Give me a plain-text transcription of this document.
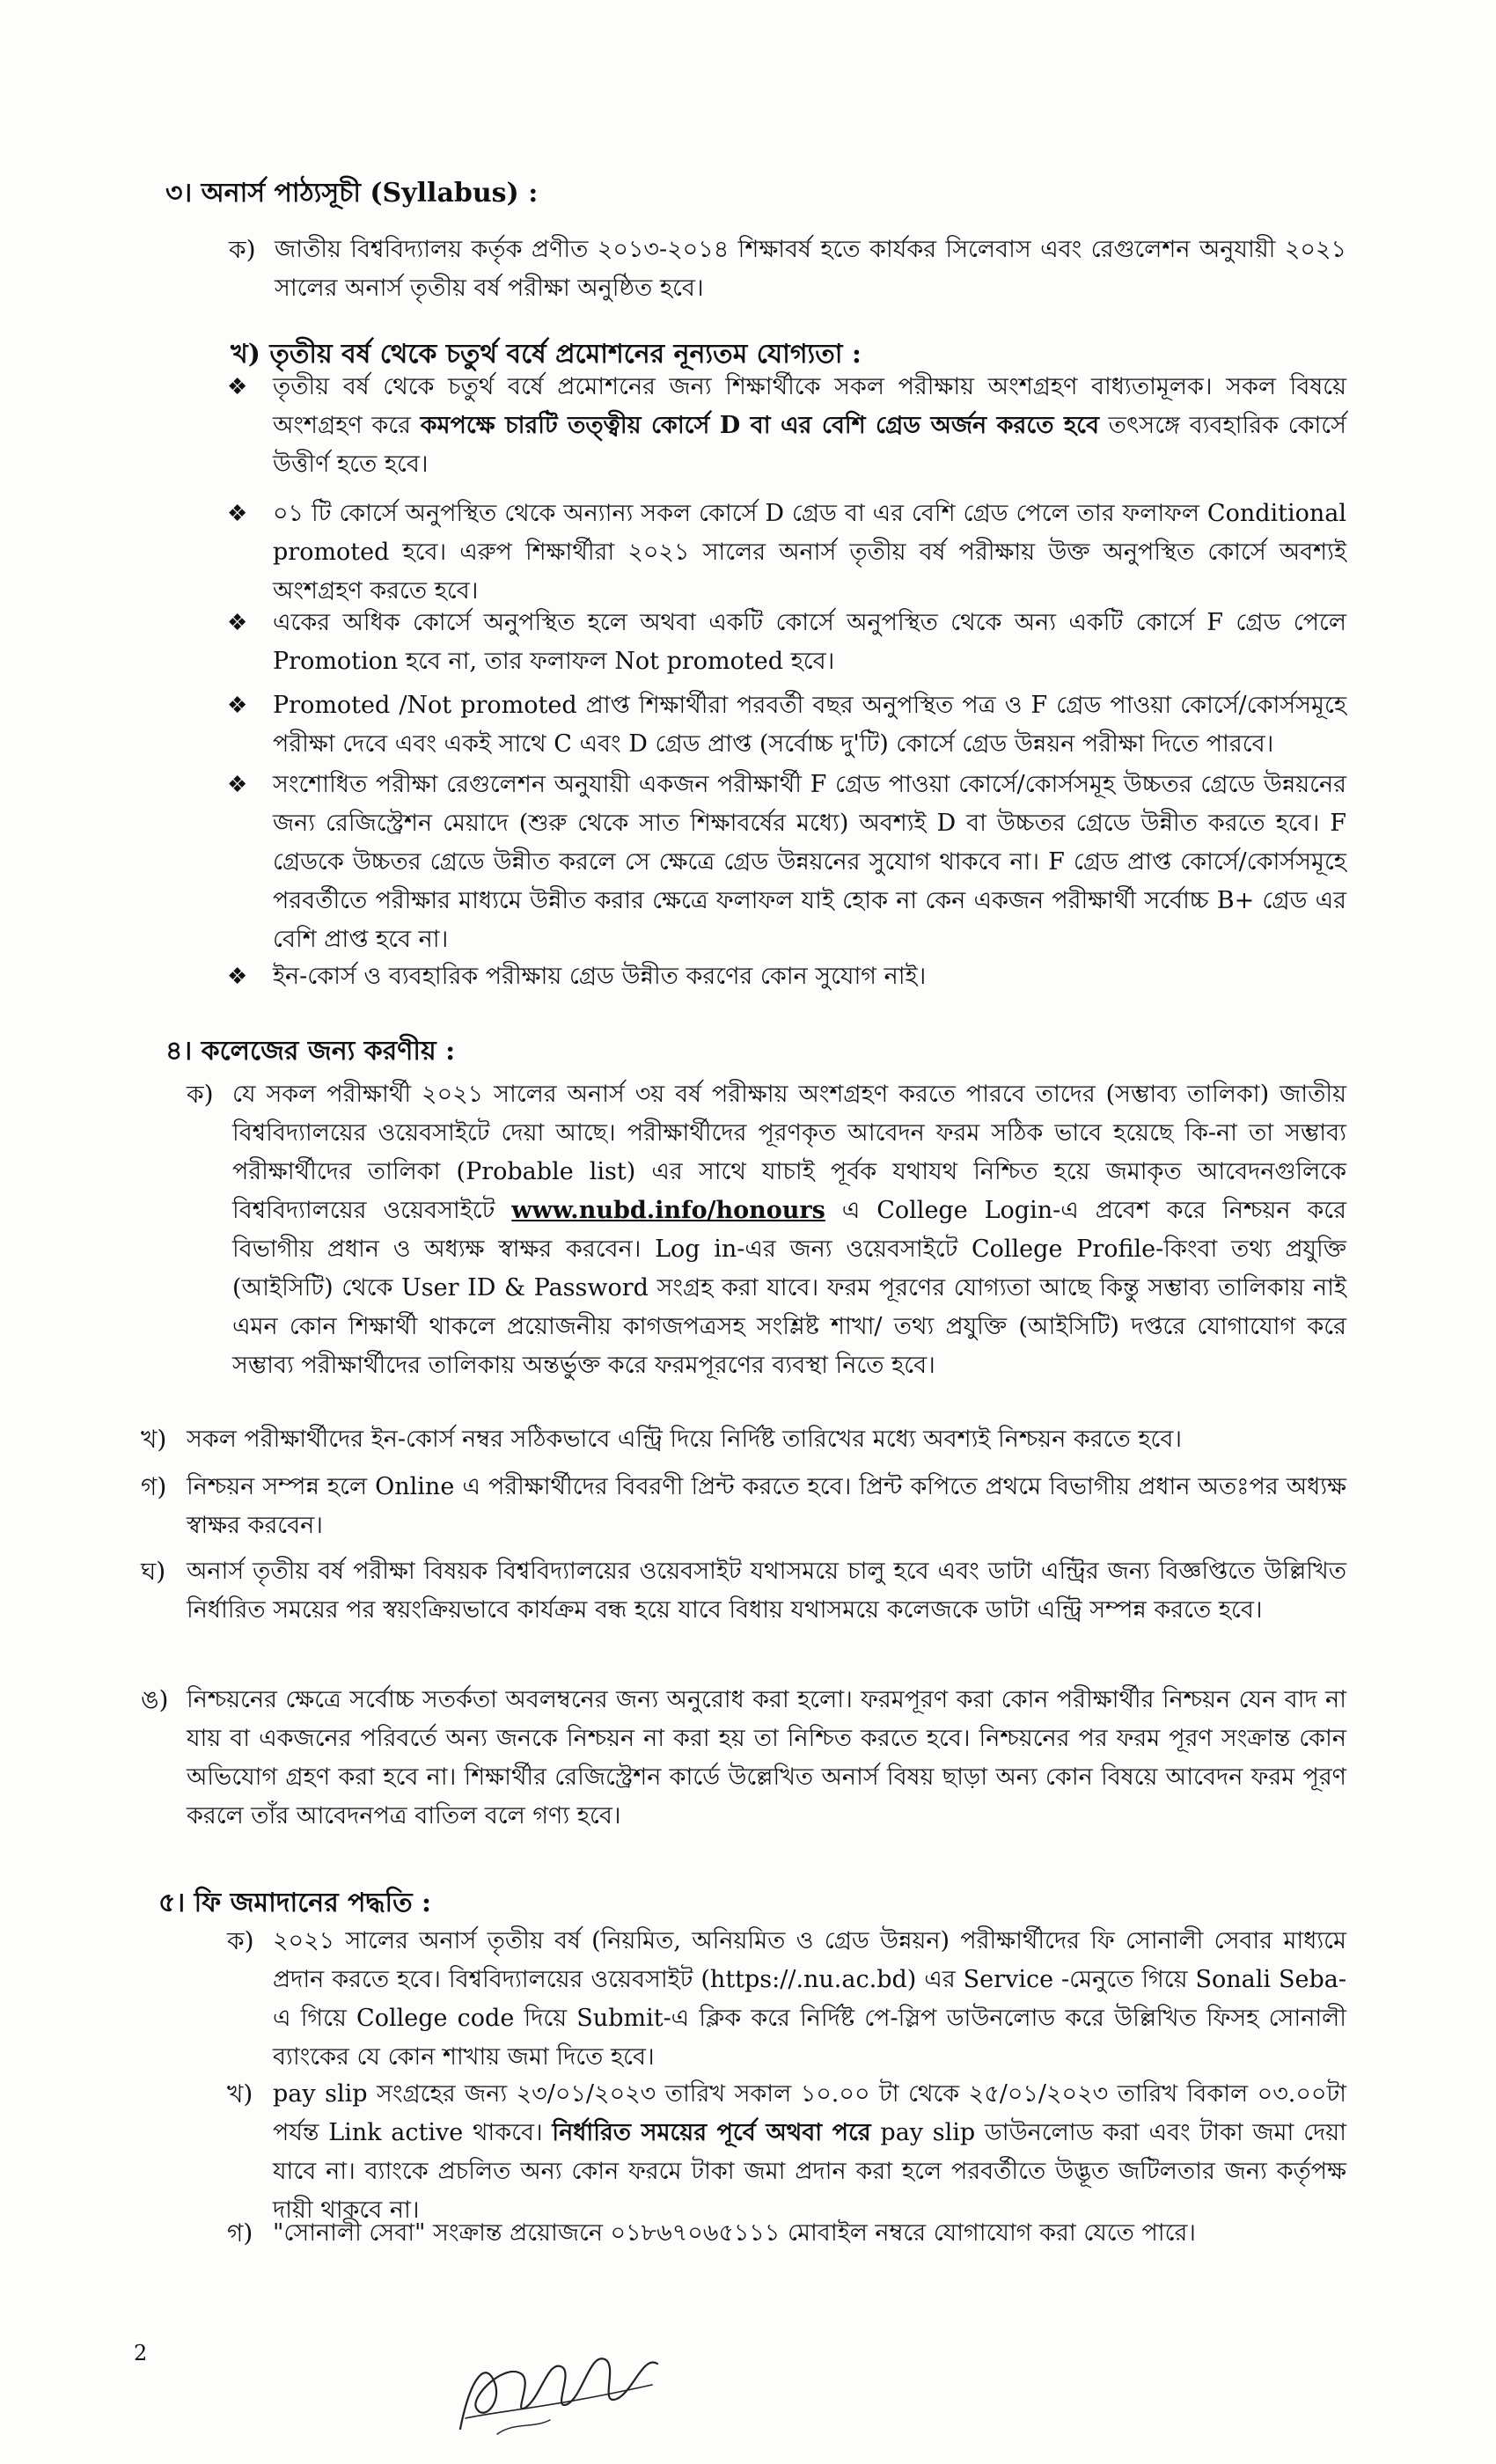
৩। অনার্স পাঠ্যসূচী (Syllabus) :
ক) জাতীয় বিশ্ববিদ্যালয় কর্তৃক প্রণীত ২০১৩-২০১৪ শিক্ষাবর্ষ হতে কার্যকর সিলেবাস এবং রেগুলেশন অনুযায়ী ২০২১ সালের অনার্স তৃতীয় বর্ষ পরীক্ষা অনুষ্ঠিত হবে।
খ) তৃতীয় বর্ষ থেকে চতুর্থ বর্ষে প্রমোশনের নূন্যতম যোগ্যতা :
❖	তৃতীয় বর্ষ থেকে চতুর্থ বর্ষে প্রমোশনের জন্য শিক্ষার্থীকে সকল পরীক্ষায় অংশগ্রহণ বাধ্যতামূলক। সকল বিষয়ে অংশগ্রহণ করে কমপক্ষে চারটি তত্ত্বীয় কোর্সে D বা এর বেশি গ্রেড অর্জন করতে হবে তৎসঙ্গে ব্যবহারিক কোর্সে উত্তীর্ণ হতে হবে।
❖	০১ টি কোর্সে অনুপস্থিত থেকে অন্যান্য সকল কোর্সে D গ্রেড বা এর বেশি গ্রেড পেলে তার ফলাফল Conditional promoted হবে। এরুপ শিক্ষার্থীরা ২০২১ সালের অনার্স তৃতীয় বর্ষ পরীক্ষায় উক্ত অনুপস্থিত কোর্সে অবশ্যই অংশগ্রহণ করতে হবে।
❖	একের অধিক কোর্সে অনুপস্থিত হলে অথবা একটি কোর্সে অনুপস্থিত থেকে অন্য একটি কোর্সে F গ্রেড পেলে Promotion হবে না, তার ফলাফল Not promoted হবে।
❖	Promoted /Not promoted প্রাপ্ত শিক্ষার্থীরা পরবর্তী বছর অনুপস্থিত পত্র ও F গ্রেড পাওয়া কোর্সে/কোর্সসমূহে পরীক্ষা দেবে এবং একই সাথে C এবং D গ্রেড প্রাপ্ত (সর্বোচ্চ দু'টি) কোর্সে গ্রেড উন্নয়ন পরীক্ষা দিতে পারবে।
❖	সংশোধিত পরীক্ষা রেগুলেশন অনুযায়ী একজন পরীক্ষার্থী F গ্রেড পাওয়া কোর্সে/কোর্সসমূহ উচ্চতর গ্রেডে উন্নয়নের জন্য রেজিস্ট্রেশন মেয়াদে (শুরু থেকে সাত শিক্ষাবর্ষের মধ্যে) অবশ্যই D বা উচ্চতর গ্রেডে উন্নীত করতে হবে। F গ্রেডকে উচ্চতর গ্রেডে উন্নীত করলে সে ক্ষেত্রে গ্রেড উন্নয়নের সুযোগ থাকবে না। F গ্রেড প্রাপ্ত কোর্সে/কোর্সসমূহে পরবর্তীতে পরীক্ষার মাধ্যমে উন্নীত করার ক্ষেত্রে ফলাফল যাই হোক না কেন একজন পরীক্ষার্থী সর্বোচ্চ B+ গ্রেড এর বেশি প্রাপ্ত হবে না।
❖	ইন-কোর্স ও ব্যবহারিক পরীক্ষায় গ্রেড উন্নীত করণের কোন সুযোগ নাই।
৪। কলেজের জন্য করণীয় :
ক) যে সকল পরীক্ষার্থী ২০২১ সালের অনার্স ৩য় বর্ষ পরীক্ষায় অংশগ্রহণ করতে পারবে তাদের (সম্ভাব্য তালিকা) জাতীয় বিশ্ববিদ্যালয়ের ওয়েবসাইটে দেয়া আছে। পরীক্ষার্থীদের পূরণকৃত আবেদন ফরম সঠিক ভাবে হয়েছে কি-না তা সম্ভাব্য পরীক্ষার্থীদের তালিকা (Probable list) এর সাথে যাচাই পূর্বক যথাযথ নিশ্চিত হয়ে জমাকৃত আবেদনগুলিকে বিশ্ববিদ্যালয়ের ওয়েবসাইটে www.nubd.info/honours এ College Login-এ প্রবেশ করে নিশ্চয়ন করে বিভাগীয় প্রধান ও অধ্যক্ষ স্বাক্ষর করবেন। Log in-এর জন্য ওয়েবসাইটে College Profile-কিংবা তথ্য প্রযুক্তি (আইসিটি) থেকে User ID & Password সংগ্রহ করা যাবে। ফরম পূরণের যোগ্যতা আছে কিন্তু সম্ভাব্য তালিকায় নাই এমন কোন শিক্ষার্থী থাকলে প্রয়োজনীয় কাগজপত্রসহ সংশ্লিষ্ট শাখা/ তথ্য প্রযুক্তি (আইসিটি) দপ্তরে যোগাযোগ করে সম্ভাব্য পরীক্ষার্থীদের তালিকায় অন্তর্ভুক্ত করে ফরমপূরণের ব্যবস্থা নিতে হবে।
খ) সকল পরীক্ষার্থীদের ইন-কোর্স নম্বর সঠিকভাবে এন্ট্রি দিয়ে নির্দিষ্ট তারিখের মধ্যে অবশ্যই নিশ্চয়ন করতে হবে।
গ) নিশ্চয়ন সম্পন্ন হলে Online এ পরীক্ষার্থীদের বিবরণী প্রিন্ট করতে হবে। প্রিন্ট কপিতে প্রথমে বিভাগীয় প্রধান অতঃপর অধ্যক্ষ স্বাক্ষর করবেন।
ঘ) অনার্স তৃতীয় বর্ষ পরীক্ষা বিষয়ক বিশ্ববিদ্যালয়ের ওয়েবসাইট যথাসময়ে চালু হবে এবং ডাটা এন্ট্রির জন্য বিজ্ঞপ্তিতে উল্লিখিত নির্ধারিত সময়ের পর স্বয়ংক্রিয়ভাবে কার্যক্রম বন্ধ হয়ে যাবে বিধায় যথাসময়ে কলেজকে ডাটা এন্ট্রি সম্পন্ন করতে হবে।
ঙ) নিশ্চয়নের ক্ষেত্রে সর্বোচ্চ সতর্কতা অবলম্বনের জন্য অনুরোধ করা হলো। ফরমপূরণ করা কোন পরীক্ষার্থীর নিশ্চয়ন যেন বাদ না যায় বা একজনের পরিবর্তে অন্য জনকে নিশ্চয়ন না করা হয় তা নিশ্চিত করতে হবে। নিশ্চয়নের পর ফরম পূরণ সংক্রান্ত কোন অভিযোগ গ্রহণ করা হবে না। শিক্ষার্থীর রেজিস্ট্রেশন কার্ডে উল্লেখিত অনার্স বিষয় ছাড়া অন্য কোন বিষয়ে আবেদন ফরম পূরণ করলে তাঁর আবেদনপত্র বাতিল বলে গণ্য হবে।
৫। ফি জমাদানের পদ্ধতি :
ক) ২০২১ সালের অনার্স তৃতীয় বর্ষ (নিয়মিত, অনিয়মিত ও গ্রেড উন্নয়ন) পরীক্ষার্থীদের ফি সোনালী সেবার মাধ্যমে প্রদান করতে হবে। বিশ্ববিদ্যালয়ের ওয়েবসাইট (https://.nu.ac.bd) এর Service -মেনুতে গিয়ে Sonali Seba-এ গিয়ে College code দিয়ে Submit-এ ক্লিক করে নির্দিষ্ট পে-স্লিপ ডাউনলোড করে উল্লিখিত ফিসহ সোনালী ব্যাংকের যে কোন শাখায় জমা দিতে হবে।
খ) pay slip সংগ্রহের জন্য ২৩/০১/২০২৩ তারিখ সকাল ১০.০০ টা থেকে ২৫/০১/২০২৩ তারিখ বিকাল ০৩.০০টা পর্যন্ত Link active থাকবে। নির্ধারিত সময়ের পূর্বে অথবা পরে pay slip ডাউনলোড করা এবং টাকা জমা দেয়া যাবে না। ব্যাংকে প্রচলিত অন্য কোন ফরমে টাকা জমা প্রদান করা হলে পরবর্তীতে উদ্ভূত জটিলতার জন্য কর্তৃপক্ষ দায়ী থাকবে না।
গ) "সোনালী সেবা" সংক্রান্ত প্রয়োজনে ০১৮৬৭০৬৫১১১ মোবাইল নম্বরে যোগাযোগ করা যেতে পারে।
2
